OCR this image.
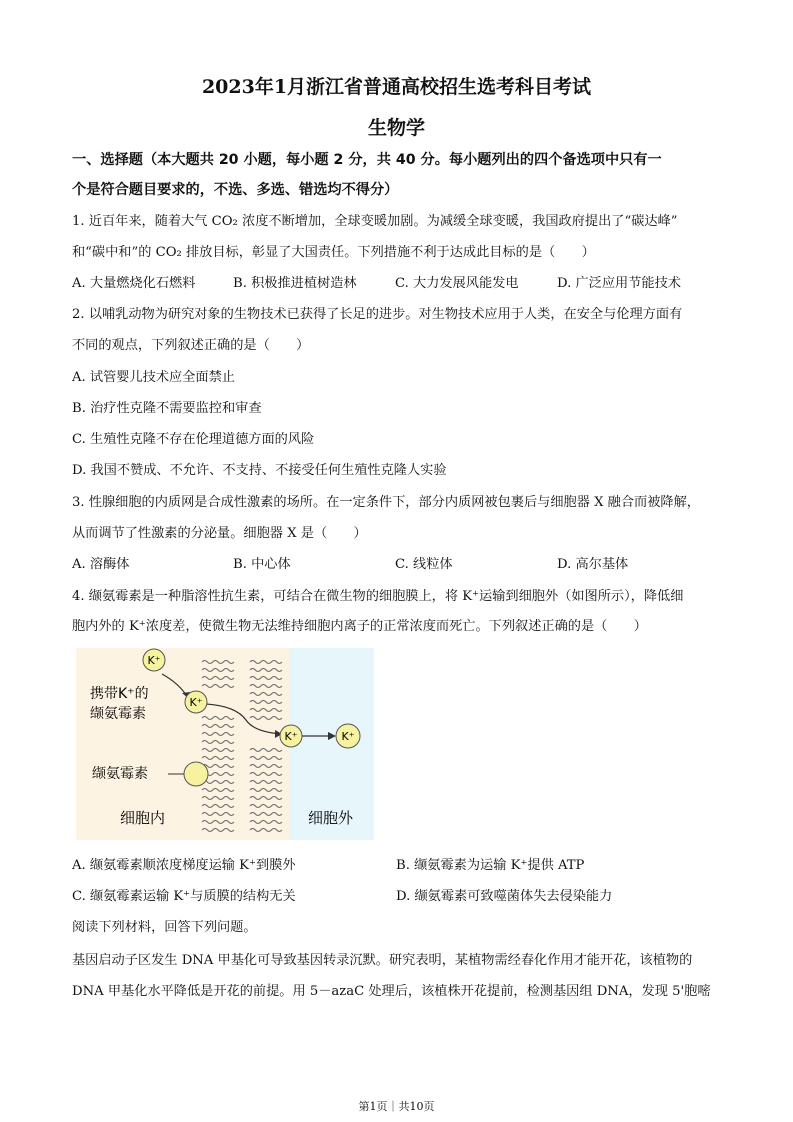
2023年1月浙江省普通高校招生选考科目考试
生物学
一、选择题（本大题共 20 小题，每小题 2 分，共 40 分。每小题列出的四个备选项中只有一
个是符合题目要求的，不选、多选、错选均不得分）
1. 近百年来，随着大气 CO₂ 浓度不断增加，全球变暖加剧。为减缓全球变暖，我国政府提出了“碳达峰”
和“碳中和”的 CO₂ 排放目标，彰显了大国责任。下列措施不利于达成此目标的是（　　）
A. 大量燃烧化石燃料	B. 积极推进植树造林	C. 大力发展风能发电	D. 广泛应用节能技术
2. 以哺乳动物为研究对象的生物技术已获得了长足的进步。对生物技术应用于人类，在安全与伦理方面有
不同的观点，下列叙述正确的是（　　）
A. 试管婴儿技术应全面禁止
B. 治疗性克隆不需要监控和审查
C. 生殖性克隆不存在伦理道德方面的风险
D. 我国不赞成、不允许、不支持、不接受任何生殖性克隆人实验
3. 性腺细胞的内质网是合成性激素的场所。在一定条件下，部分内质网被包裹后与细胞器 X 融合而被降解，
从而调节了性激素的分泌量。细胞器 X 是（　　）
A. 溶酶体	B. 中心体	C. 线粒体	D. 高尔基体
4. 缬氨霉素是一种脂溶性抗生素，可结合在微生物的细胞膜上，将 K⁺运输到细胞外（如图所示），降低细
胞内外的 K⁺浓度差，使微生物无法维持细胞内离子的正常浓度而死亡。下列叙述正确的是（　　）
K⁺
K⁺
K⁺	K⁺
携带K⁺的
缬氨霉素
缬氨霉素
细胞内	细胞外
A. 缬氨霉素顺浓度梯度运输 K⁺到膜外	B. 缬氨霉素为运输 K⁺提供 ATP
C. 缬氨霉素运输 K⁺与质膜的结构无关	D. 缬氨霉素可致噬菌体失去侵染能力
阅读下列材料，回答下列问题。
基因启动子区发生 DNA 甲基化可导致基因转录沉默。研究表明，某植物需经春化作用才能开花，该植物的
DNA 甲基化水平降低是开花的前提。用 5－azaC 处理后，该植株开花提前，检测基因组 DNA，发现 5'胞嘧
第1页｜共10页
